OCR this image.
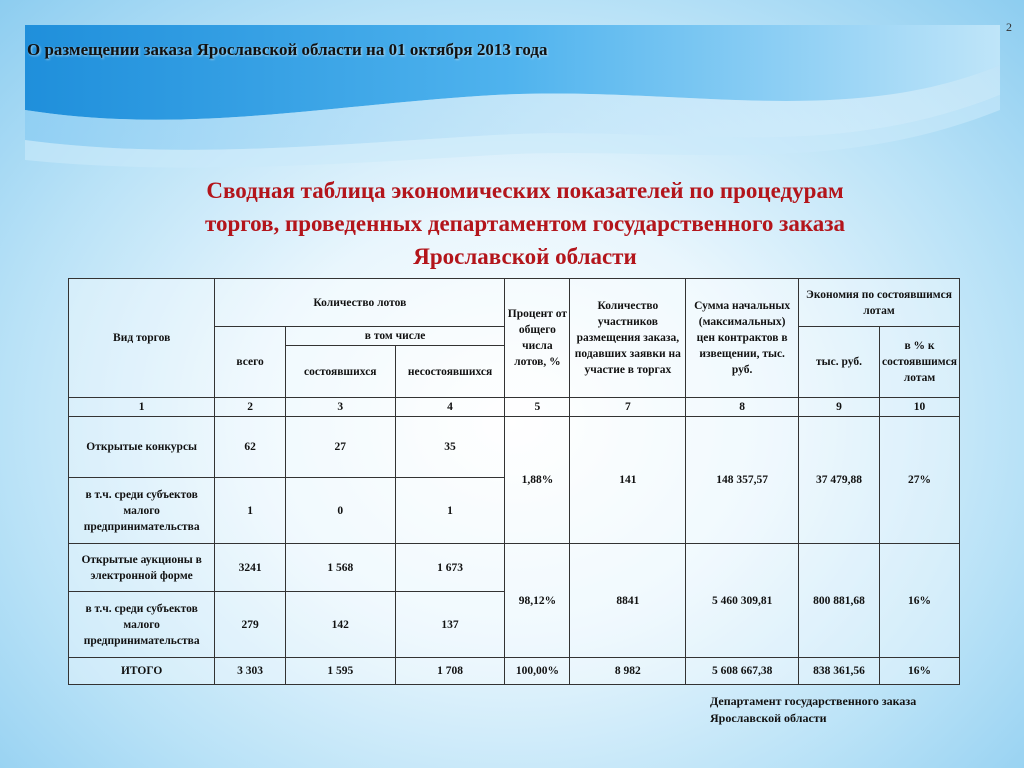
2
О размещении заказа Ярославской области на 01 октября 2013 года
Сводная таблица экономических показателей по процедурам
торгов, проведенных департаментом государственного заказа
Ярославской области
Вид торгов	Количество лотов			Процент от общего числа лотов, %	Количество участников размещения заказа, подавших заявки на участие в торгах	Сумма начальных (максимальных) цен контрактов в извещении, тыс. руб.	Экономия по состоявшимся лотам	
	всего	в том числе					тыс. руб.	в % к состоявшимся лотам
		состоявшихся	несостоявшихся					
1	2	3	4	5	7	8	9	10
Открытые конкурсы	62	27	35	1,88%	141	148 357,57	37 479,88	27%
в т.ч. среди субъектов малого предпринимательства	1	0	1					
Открытые аукционы в электронной форме	3241	1 568	1 673	98,12%	8841	5 460 309,81	800 881,68	16%
в т.ч. среди субъектов малого предпринимательства	279	142	137					
ИТОГО	3 303	1 595	1 708	100,00%	8 982	5 608 667,38	838 361,56	16%
Департамент государственного заказа
Ярославской области
